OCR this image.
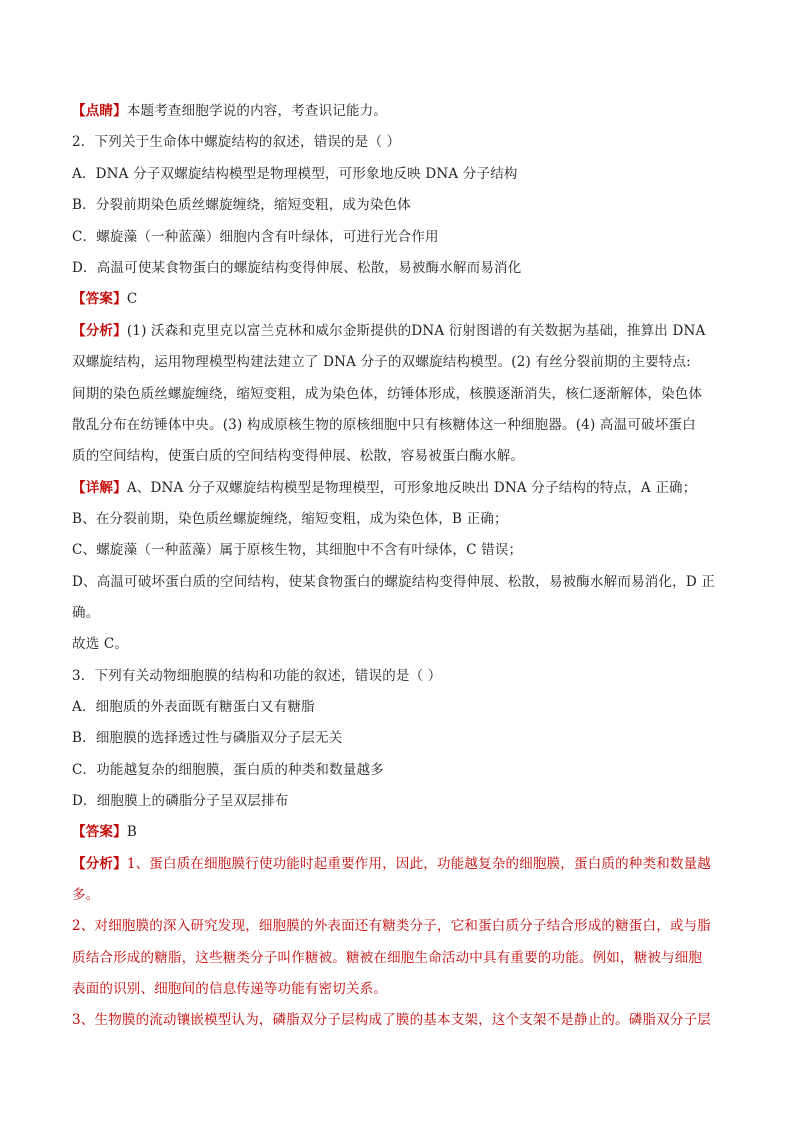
【点睛】本题考查细胞学说的内容，考查识记能力。
2．下列关于生命体中螺旋结构的叙述，错误的是（ ）
A．DNA 分子双螺旋结构模型是物理模型，可形象地反映 DNA 分子结构
B．分裂前期染色质丝螺旋缠绕，缩短变粗，成为染色体
C．螺旋藻（一种蓝藻）细胞内含有叶绿体，可进行光合作用
D．高温可使某食物蛋白的螺旋结构变得伸展、松散，易被酶水解而易消化
【答案】C
【分析】(1) 沃森和克里克以富兰克林和威尔金斯提供的DNA 衍射图谱的有关数据为基础，推算出 DNA
双螺旋结构，运用物理模型构建法建立了 DNA 分子的双螺旋结构模型。(2) 有丝分裂前期的主要特点:
间期的染色质丝螺旋缠绕，缩短变粗，成为染色体，纺锤体形成，核膜逐渐消失，核仁逐渐解体，染色体
散乱分布在纺锤体中央。(3) 构成原核生物的原核细胞中只有核糖体这一种细胞器。(4) 高温可破坏蛋白
质的空间结构，使蛋白质的空间结构变得伸展、松散，容易被蛋白酶水解。
【详解】A、DNA 分子双螺旋结构模型是物理模型，可形象地反映出 DNA 分子结构的特点，A 正确；
B、在分裂前期，染色质丝螺旋缠绕，缩短变粗，成为染色体，B 正确；
C、螺旋藻（一种蓝藻）属于原核生物，其细胞中不含有叶绿体，C 错误；
D、高温可破坏蛋白质的空间结构，使某食物蛋白的螺旋结构变得伸展、松散，易被酶水解而易消化，D 正
确。
故选 C。
3．下列有关动物细胞膜的结构和功能的叙述，错误的是（ ）
A．细胞质的外表面既有糖蛋白又有糖脂
B．细胞膜的选择透过性与磷脂双分子层无关
C．功能越复杂的细胞膜，蛋白质的种类和数量越多
D．细胞膜上的磷脂分子呈双层排布
【答案】B
【分析】1、蛋白质在细胞膜行使功能时起重要作用，因此，功能越复杂的细胞膜，蛋白质的种类和数量越
多。
2、对细胞膜的深入研究发现，细胞膜的外表面还有糖类分子，它和蛋白质分子结合形成的糖蛋白，或与脂
质结合形成的糖脂，这些糖类分子叫作糖被。糖被在细胞生命活动中具有重要的功能。例如，糖被与细胞
表面的识别、细胞间的信息传递等功能有密切关系。
3、生物膜的流动镶嵌模型认为，磷脂双分子层构成了膜的基本支架，这个支架不是静止的。磷脂双分子层
